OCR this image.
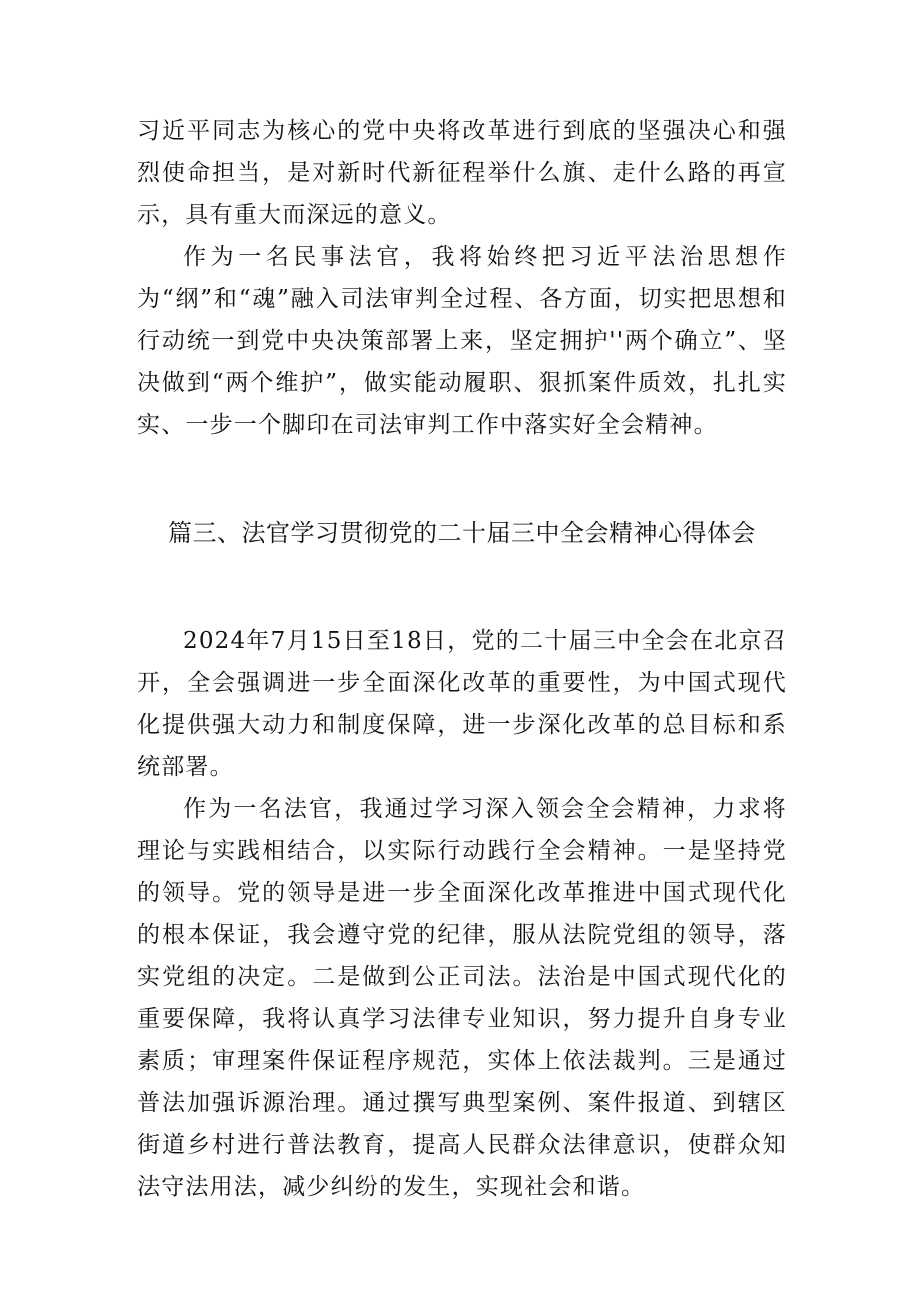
习近平同志为核心的党中央将改革进行到底的坚强决心和强烈使命担当，是对新时代新征程举什么旗、走什么路的再宣示，具有重大而深远的意义。

作为一名民事法官，我将始终把习近平法治思想作为“纲”和“魂”融入司法审判全过程、各方面，切实把思想和行动统一到党中央决策部署上来，坚定拥护''两个确立”、坚决做到“两个维护”，做实能动履职、狠抓案件质效，扎扎实实、一步一个脚印在司法审判工作中落实好全会精神。

篇三、法官学习贯彻党的二十届三中全会精神心得体会

2024年7月15日至18日，党的二十届三中全会在北京召开，全会强调进一步全面深化改革的重要性，为中国式现代化提供强大动力和制度保障，进一步深化改革的总目标和系统部署。

作为一名法官，我通过学习深入领会全会精神，力求将理论与实践相结合，以实际行动践行全会精神。一是坚持党的领导。党的领导是进一步全面深化改革推进中国式现代化的根本保证，我会遵守党的纪律，服从法院党组的领导，落实党组的决定。二是做到公正司法。法治是中国式现代化的重要保障，我将认真学习法律专业知识，努力提升自身专业素质；审理案件保证程序规范，实体上依法裁判。三是通过普法加强诉源治理。通过撰写典型案例、案件报道、到辖区街道乡村进行普法教育，提高人民群众法律意识，使群众知法守法用法，减少纠纷的发生，实现社会和谐。
